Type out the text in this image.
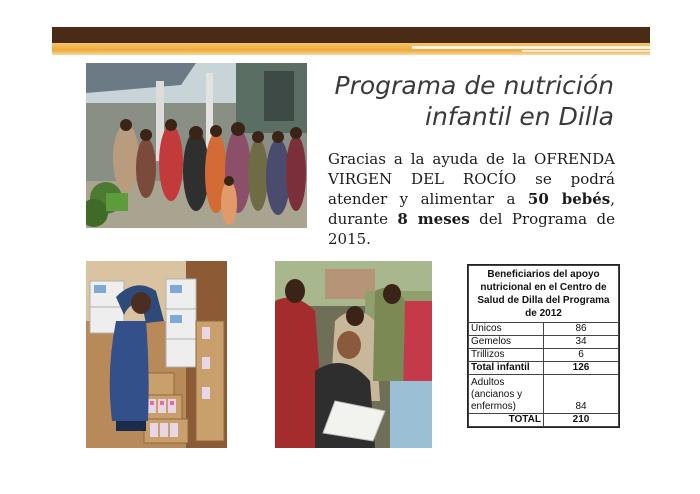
Programa de nutrición
infantil en Dilla
Gracias a la ayuda de la OFRENDA VIRGEN DEL ROCÍO se podrá atender y alimentar a 50 bebés, durante 8 meses del Programa de 2015.
Beneficiarios del apoyo nutricional en el Centro de Salud de Dilla del Programa de 2012	
Únicos	86
Gemelos	34
Trillizos	6
Total infantil	126
Adultos (ancianos y enfermos)	84
TOTAL	210
